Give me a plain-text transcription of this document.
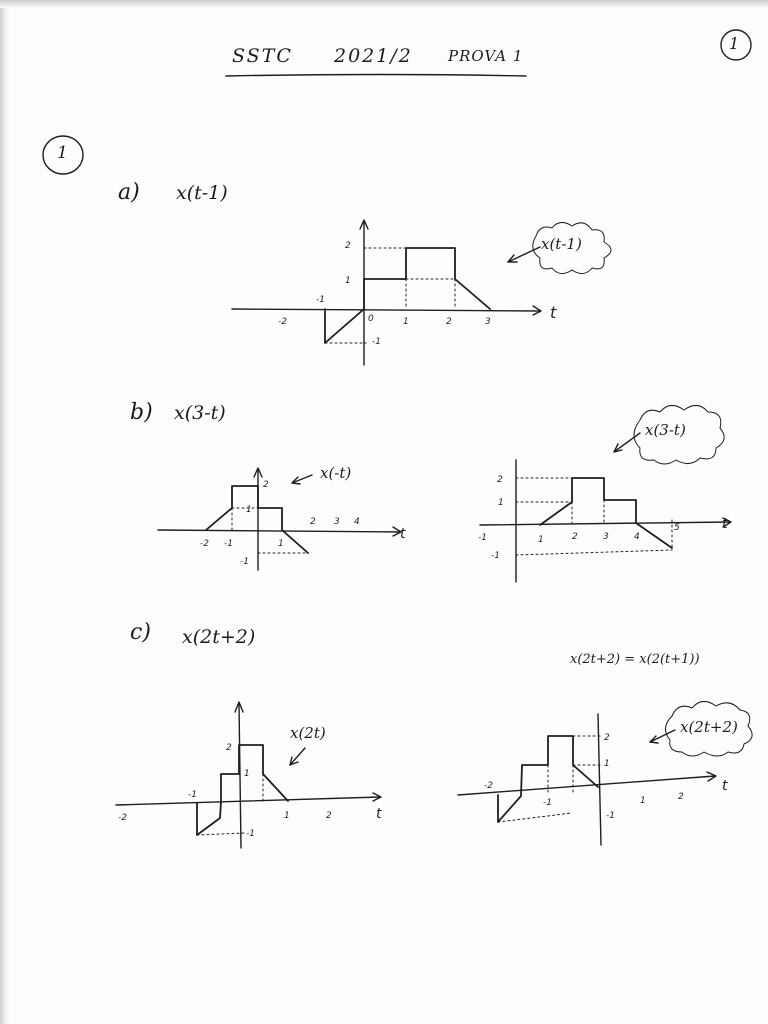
SSTC 2021/2 PROVA 1
1
1
a) x(t-1)
x(t-1)
b) x(3-t)
x(-t)
x(3-t)
c) x(2t+2)
x(2t+2) = x(2(t+1))
x(2t)	x(2t+2)
-2	0	1	2	3
1
2
-1
-1
t
-2 -1	1
2 3 4
1
2
-1
t	-1	1	2	3	4
5
1
2
-1
t
-2
-1
1	2
2
1
-1
t
-2
-1	1	2
2
1
-1
t
